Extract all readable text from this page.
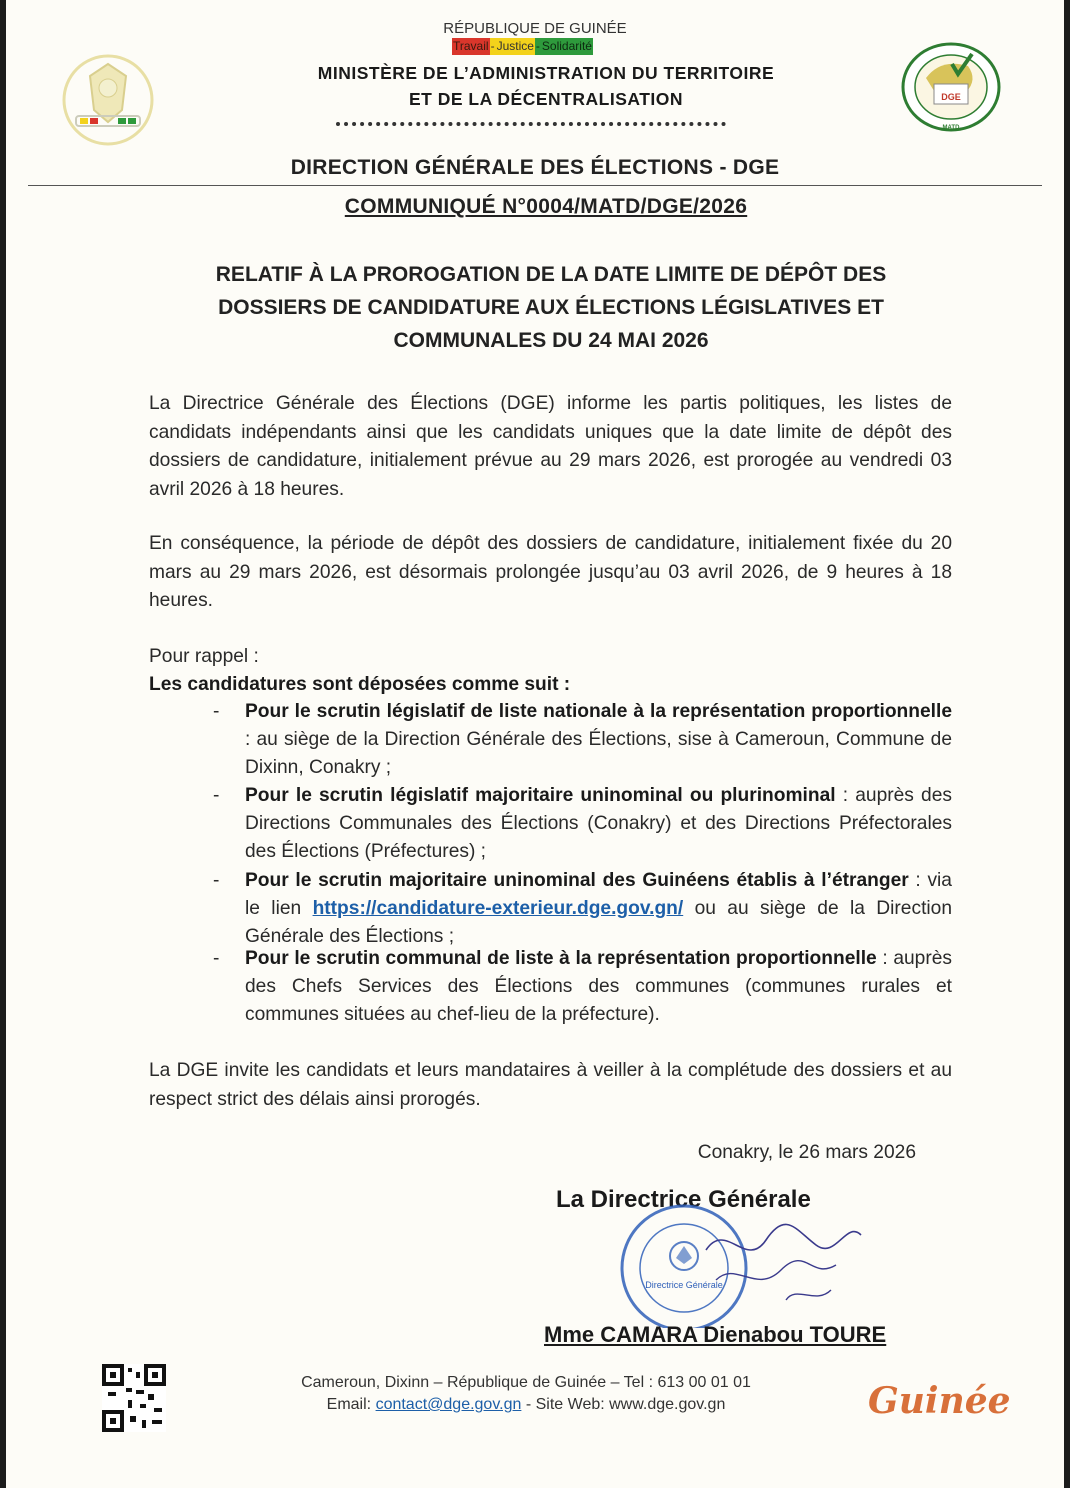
RÉPUBLIQUE DE GUINÉE
Travail - Justice - Solidarité
MINISTÈRE DE L’ADMINISTRATION DU TERRITOIRE
ET DE LA DÉCENTRALISATION	DGE
MATD
DIRECTION GÉNÉRALE DES ÉLECTIONS - DGE
COMMUNIQUÉ N°0004/MATD/DGE/2026
RELATIF À LA PROROGATION DE LA DATE LIMITE DE DÉPÔT DES
DOSSIERS DE CANDIDATURE AUX ÉLECTIONS LÉGISLATIVES ET
COMMUNALES DU 24 MAI 2026
La Directrice Générale des Élections (DGE) informe les partis politiques, les listes de candidats indépendants ainsi que les candidats uniques que la date limite de dépôt des dossiers de candidature, initialement prévue au 29 mars 2026, est prorogée au vendredi 03 avril 2026 à 18 heures.
En conséquence, la période de dépôt des dossiers de candidature, initialement fixée du 20 mars au 29 mars 2026, est désormais prolongée jusqu’au 03 avril 2026, de 9 heures à 18 heures.
Pour rappel :
Les candidatures sont déposées comme suit :
- Pour le scrutin législatif de liste nationale à la représentation proportionnelle : au siège de la Direction Générale des Élections, sise à Cameroun, Commune de Dixinn, Conakry ;
- Pour le scrutin législatif majoritaire uninominal ou plurinominal : auprès des Directions Communales des Élections (Conakry) et des Directions Préfectorales des Élections (Préfectures) ;
- Pour le scrutin majoritaire uninominal des Guinéens établis à l’étranger : via le lien https://candidature-exterieur.dge.gov.gn/ ou au siège de la Direction Générale des Élections ;
- Pour le scrutin communal de liste à la représentation proportionnelle : auprès des Chefs Services des Élections des communes (communes rurales et communes situées au chef-lieu de la préfecture).
La DGE invite les candidats et leurs mandataires à veiller à la complétude des dossiers et au respect strict des délais ainsi prorogés.
Conakry, le 26 mars 2026
La Directrice Générale
Directrice Générale
Mme CAMARA Dienabou TOURE
Cameroun, Dixinn – République de Guinée – Tel : 613 00 01 01
Email: contact@dge.gov.gn - Site Web: www.dge.gov.gn	Guinée
